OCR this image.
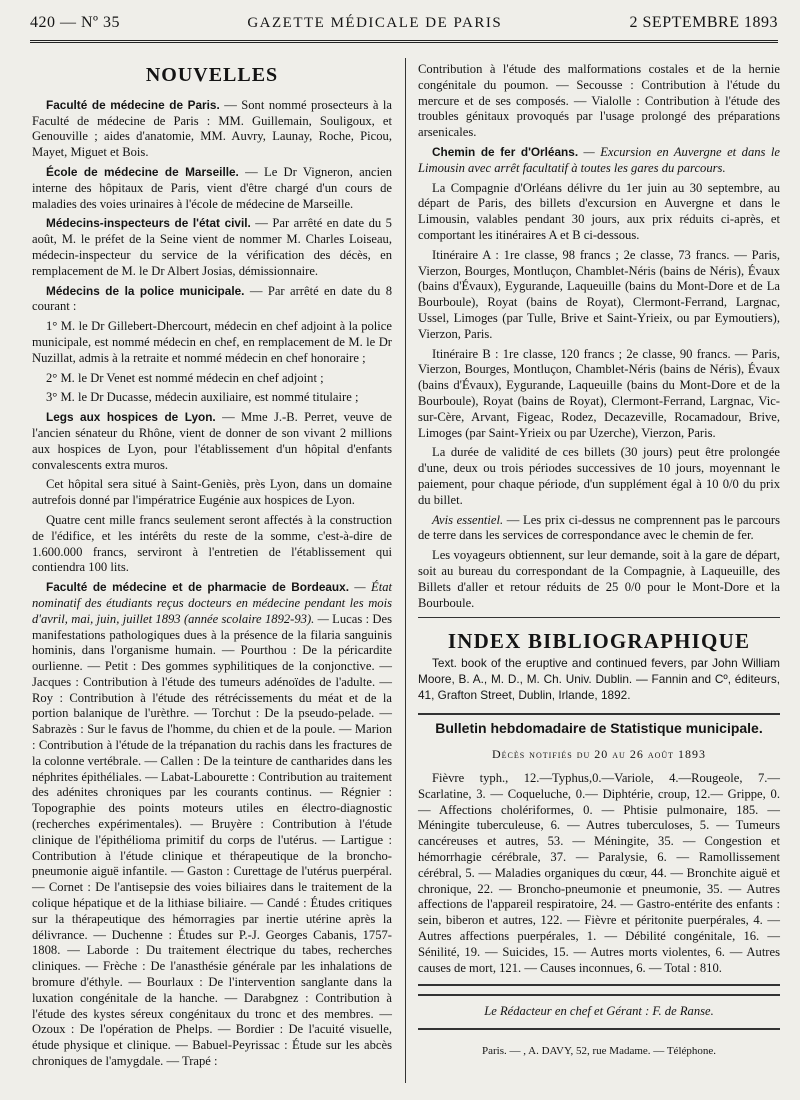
420 — Nº 35	GAZETTE MÉDICALE DE PARIS	2 SEPTEMBRE 1893
NOUVELLES

Faculté de médecine de Paris. — Sont nommé prosecteurs à la Faculté de médecine de Paris : MM. Guillemain, Souligoux, et Genouville ; aides d'anatomie, MM. Auvry, Launay, Roche, Picou, Mayet, Miguet et Bois.

École de médecine de Marseille. — Le Dr Vigneron, ancien interne des hôpitaux de Paris, vient d'être chargé d'un cours de maladies des voies urinaires à l'école de médecine de Marseille.

Médecins-inspecteurs de l'état civil. — Par arrêté en date du 5 août, M. le préfet de la Seine vient de nommer M. Charles Loiseau, médecin-inspecteur du service de la vérification des décès, en remplacement de M. le Dr Albert Josias, démissionnaire.

Médecins de la police municipale. — Par arrêté en date du 8 courant :

1° M. le Dr Gillebert-Dhercourt, médecin en chef adjoint à la police municipale, est nommé médecin en chef, en remplacement de M. le Dr Nuzillat, admis à la retraite et nommé médecin en chef honoraire ;

2° M. le Dr Venet est nommé médecin en chef adjoint ;

3° M. le Dr Ducasse, médecin auxiliaire, est nommé titulaire ;

Legs aux hospices de Lyon. — Mme J.-B. Perret, veuve de l'ancien sénateur du Rhône, vient de donner de son vivant 2 millions aux hospices de Lyon, pour l'établissement d'un hôpital d'enfants convalescents extra muros.

Cet hôpital sera situé à Saint-Geniès, près Lyon, dans un domaine autrefois donné par l'impératrice Eugénie aux hospices de Lyon.

Quatre cent mille francs seulement seront affectés à la construction de l'édifice, et les intérêts du reste de la somme, c'est-à-dire de 1.600.000 francs, serviront à l'entretien de l'établissement qui contiendra 100 lits.

Faculté de médecine et de pharmacie de Bordeaux. — État nominatif des étudiants reçus docteurs en médecine pendant les mois d'avril, mai, juin, juillet 1893 (année scolaire 1892-93). — Lucas : Des manifestations pathologiques dues à la présence de la filaria sanguinis hominis, dans l'organisme humain. — Pourthou : De la péricardite ourlienne. — Petit : Des gommes syphilitiques de la conjonctive. — Jacques : Contribution à l'étude des tumeurs adénoïdes de l'adulte. — Roy : Contribution à l'étude des rétrécissements du méat et de la portion balanique de l'urèthre. — Torchut : De la pseudo-pelade. — Sabrazès : Sur le favus de l'homme, du chien et de la poule. — Marion : Contribution à l'étude de la trépanation du rachis dans les fractures de la colonne vertébrale. — Callen : De la teinture de cantharides dans les néphrites épithéliales. — Labat-Labourette : Contribution au traitement des adénites chroniques par les courants continus. — Régnier : Topographie des points moteurs utiles en électro-diagnostic (recherches expérimentales). — Bruyère : Contribution à l'étude clinique de l'épithélioma primitif du corps de l'utérus. — Lartigue : Contribution à l'étude clinique et thérapeutique de la broncho-pneumonie aiguë infantile. — Gaston : Curettage de l'utérus puerpéral. — Cornet : De l'antisepsie des voies biliaires dans le traitement de la colique hépatique et de la lithiase biliaire. — Candé : Études critiques sur la thérapeutique des hémorragies par inertie utérine après la délivrance. — Duchenne : Études sur P.-J. Georges Cabanis, 1757-1808. — Laborde : Du traitement électrique du tabes, recherches cliniques. — Frèche : De l'anasthésie générale par les inhalations de bromure d'éthyle. — Bourlaux : De l'intervention sanglante dans la luxation congénitale de la hanche. — Darabgnez : Contribution à l'étude des kystes séreux congénitaux du tronc et des membres. — Ozoux : De l'opération de Phelps. — Bordier : De l'acuité visuelle, étude physique et clinique. — Babuel-Peyrissac : Étude sur les abcès chroniques de l'amygdale. — Trapé :

Contribution à l'étude des malformations costales et de la hernie congénitale du poumon. — Secousse : Contribution à l'étude du mercure et de ses composés. — Vialolle : Contribution à l'étude des troubles génitaux provoqués par l'usage prolongé des préparations arsenicales.

Chemin de fer d'Orléans. — Excursion en Auvergne et dans le Limousin avec arrêt facultatif à toutes les gares du parcours.

La Compagnie d'Orléans délivre du 1er juin au 30 septembre, au départ de Paris, des billets d'excursion en Auvergne et dans le Limousin, valables pendant 30 jours, aux prix réduits ci-après, et comportant les itinéraires A et B ci-dessous.

Itinéraire A : 1re classe, 98 francs ; 2e classe, 73 francs. — Paris, Vierzon, Bourges, Montluçon, Chamblet-Néris (bains de Néris), Évaux (bains d'Évaux), Eygurande, Laqueuille (bains du Mont-Dore et de La Bourboule), Royat (bains de Royat), Clermont-Ferrand, Largnac, Ussel, Limoges (par Tulle, Brive et Saint-Yrieix, ou par Eymoutiers), Vierzon, Paris.

Itinéraire B : 1re classe, 120 francs ; 2e classe, 90 francs. — Paris, Vierzon, Bourges, Montluçon, Chamblet-Néris (bains de Néris), Évaux (bains d'Évaux), Eygurande, Laqueuille (bains du Mont-Dore et de la Bourboule), Royat (bains de Royat), Clermont-Ferrand, Largnac, Vic-sur-Cère, Arvant, Figeac, Rodez, Decazeville, Rocamadour, Brive, Limoges (par Saint-Yrieix ou par Uzerche), Vierzon, Paris.

La durée de validité de ces billets (30 jours) peut être prolongée d'une, deux ou trois périodes successives de 10 jours, moyennant le paiement, pour chaque période, d'un supplément égal à 10 0/0 du prix du billet.

Avis essentiel. — Les prix ci-dessus ne comprennent pas le parcours de terre dans les services de correspondance avec le chemin de fer.

Les voyageurs obtiennent, sur leur demande, soit à la gare de départ, soit au bureau du correspondant de la Compagnie, à Laqueuille, des Billets d'aller et retour réduits de 25 0/0 pour le Mont-Dore et la Bourboule.

INDEX BIBLIOGRAPHIQUE

Text. book of the eruptive and continued fevers, par John William Moore, B. A., M. D., M. Ch. Univ. Dublin. — Fannin and Cº, éditeurs, 41, Grafton Street, Dublin, Irlande, 1892.

Bulletin hebdomadaire de Statistique municipale.
Décès notifiés du 20 au 26 août 1893

Fièvre typh., 12.—Typhus,0.—Variole, 4.—Rougeole, 7.— Scarlatine, 3. — Coqueluche, 0.— Diphtérie, croup, 12.— Grippe, 0. — Affections cholériformes, 0. — Phtisie pulmonaire, 185. — Méningite tuberculeuse, 6. — Autres tuberculoses, 5. — Tumeurs cancéreuses et autres, 53. — Méningite, 35. — Congestion et hémorrhagie cérébrale, 37. — Paralysie, 6. — Ramollissement cérébral, 5. — Maladies organiques du cœur, 44. — Bronchite aiguë et chronique, 22. — Broncho-pneumonie et pneumonie, 35. — Autres affections de l'appareil respiratoire, 24. — Gastro-entérite des enfants : sein, biberon et autres, 122. — Fièvre et péritonite puerpérales, 4. — Autres affections puerpérales, 1. — Débilité congénitale, 16. — Sénilité, 19. — Suicides, 15. — Autres morts violentes, 6. — Autres causes de mort, 121. — Causes inconnues, 6. — Total : 810.

Le Rédacteur en chef et Gérant : F. de Ranse.
Paris. — , A. DAVY, 52, rue Madame. — Téléphone.
